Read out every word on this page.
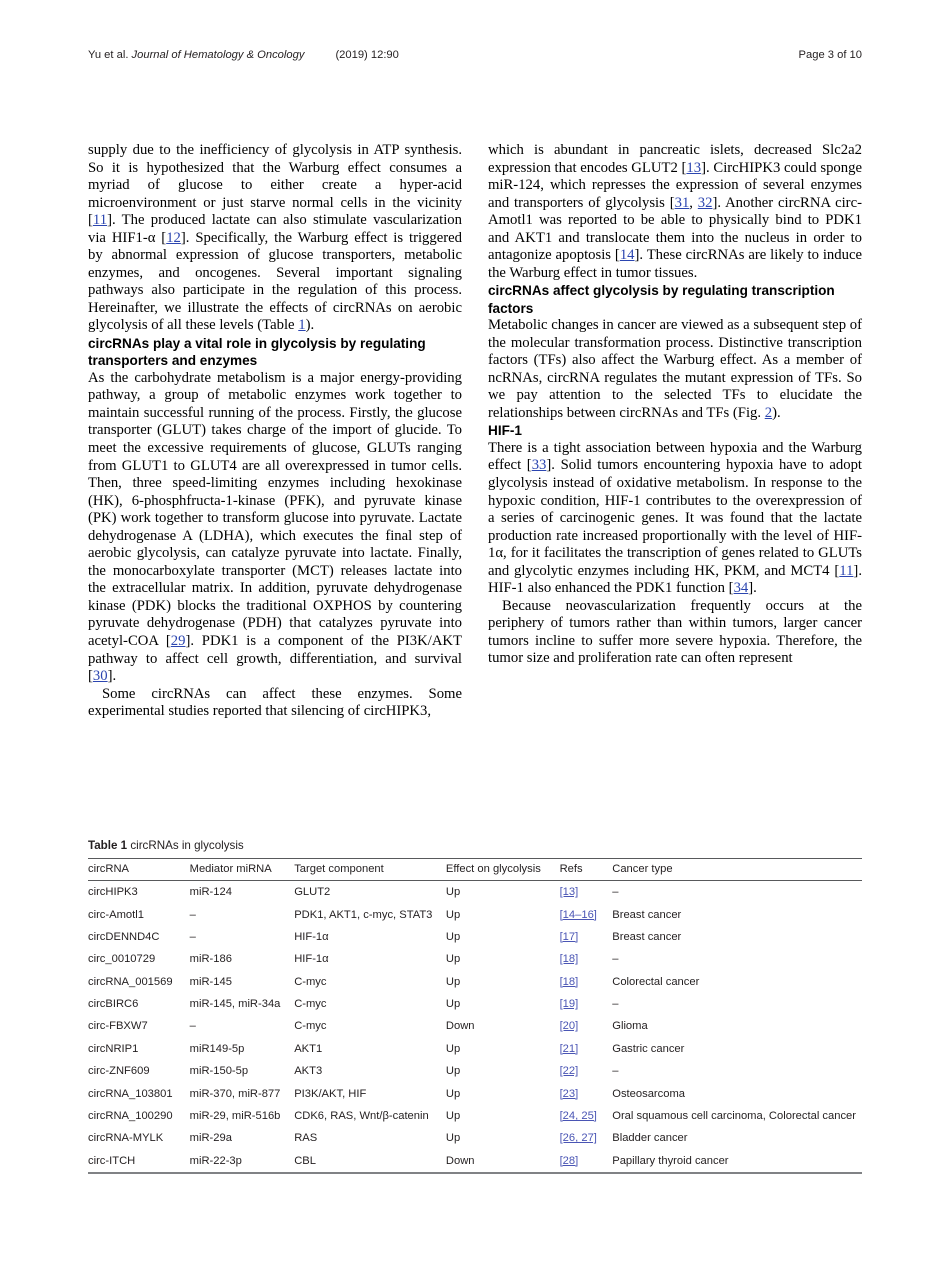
Yu et al. Journal of Hematology & Oncology	(2019) 12:90	Page 3 of 10

supply due to the inefficiency of glycolysis in ATP synthesis. So it is hypothesized that the Warburg effect consumes a myriad of glucose to either create a hyper-acid microenvironment or just starve normal cells in the vicinity [11]. The produced lactate can also stimulate vascularization via HIF1-α [12]. Specifically, the Warburg effect is triggered by abnormal expression of glucose transporters, metabolic enzymes, and oncogenes. Several important signaling pathways also participate in the regulation of this process. Hereinafter, we illustrate the effects of circRNAs on aerobic glycolysis of all these levels (Table 1).

circRNAs play a vital role in glycolysis by regulating transporters and enzymes

As the carbohydrate metabolism is a major energy-providing pathway, a group of metabolic enzymes work together to maintain successful running of the process. Firstly, the glucose transporter (GLUT) takes charge of the import of glucide. To meet the excessive requirements of glucose, GLUTs ranging from GLUT1 to GLUT4 are all overexpressed in tumor cells. Then, three speed-limiting enzymes including hexokinase (HK), 6-phosphfructa-1-kinase (PFK), and pyruvate kinase (PK) work together to transform glucose into pyruvate. Lactate dehydrogenase A (LDHA), which executes the final step of aerobic glycolysis, can catalyze pyruvate into lactate. Finally, the monocarboxylate transporter (MCT) releases lactate into the extracellular matrix. In addition, pyruvate dehydrogenase kinase (PDK) blocks the traditional OXPHOS by countering pyruvate dehydrogenase (PDH) that catalyzes pyruvate into acetyl-COA [29]. PDK1 is a component of the PI3K/AKT pathway to affect cell growth, differentiation, and survival [30].

Some circRNAs can affect these enzymes. Some experimental studies reported that silencing of circHIPK3,

which is abundant in pancreatic islets, decreased Slc2a2 expression that encodes GLUT2 [13]. CircHIPK3 could sponge miR-124, which represses the expression of several enzymes and transporters of glycolysis [31, 32]. Another circRNA circ-Amotl1 was reported to be able to physically bind to PDK1 and AKT1 and translocate them into the nucleus in order to antagonize apoptosis [14]. These circRNAs are likely to induce the Warburg effect in tumor tissues.

circRNAs affect glycolysis by regulating transcription factors

Metabolic changes in cancer are viewed as a subsequent step of the molecular transformation process. Distinctive transcription factors (TFs) also affect the Warburg effect. As a member of ncRNAs, circRNA regulates the mutant expression of TFs. So we pay attention to the selected TFs to elucidate the relationships between circRNAs and TFs (Fig. 2).

HIF-1

There is a tight association between hypoxia and the Warburg effect [33]. Solid tumors encountering hypoxia have to adopt glycolysis instead of oxidative metabolism. In response to the hypoxic condition, HIF-1 contributes to the overexpression of a series of carcinogenic genes. It was found that the lactate production rate increased proportionally with the level of HIF-1α, for it facilitates the transcription of genes related to GLUTs and glycolytic enzymes including HK, PKM, and MCT4 [11]. HIF-1 also enhanced the PDK1 function [34].

Because neovascularization frequently occurs at the periphery of tumors rather than within tumors, larger cancer tumors incline to suffer more severe hypoxia. Therefore, the tumor size and proliferation rate can often represent

Table 1 circRNAs in glycolysis
circRNA	Mediator miRNA	Target component	Effect on glycolysis	Refs	Cancer type
circHIPK3	miR-124	GLUT2	Up	[13]	–
circ-Amotl1	–	PDK1, AKT1, c-myc, STAT3	Up	[14–16]	Breast cancer
circDENND4C	–	HIF-1α	Up	[17]	Breast cancer
circ_0010729	miR-186	HIF-1α	Up	[18]	–
circRNA_001569	miR-145	C-myc	Up	[18]	Colorectal cancer
circBIRC6	miR-145, miR-34a	C-myc	Up	[19]	–
circ-FBXW7	–	C-myc	Down	[20]	Glioma
circNRIP1	miR149-5p	AKT1	Up	[21]	Gastric cancer
circ-ZNF609	miR-150-5p	AKT3	Up	[22]	–
circRNA_103801	miR-370, miR-877	PI3K/AKT, HIF	Up	[23]	Osteosarcoma
circRNA_100290	miR-29, miR-516b	CDK6, RAS, Wnt/β-catenin	Up	[24, 25]	Oral squamous cell carcinoma, Colorectal cancer
circRNA-MYLK	miR-29a	RAS	Up	[26, 27]	Bladder cancer
circ-ITCH	miR-22-3p	CBL	Down	[28]	Papillary thyroid cancer
